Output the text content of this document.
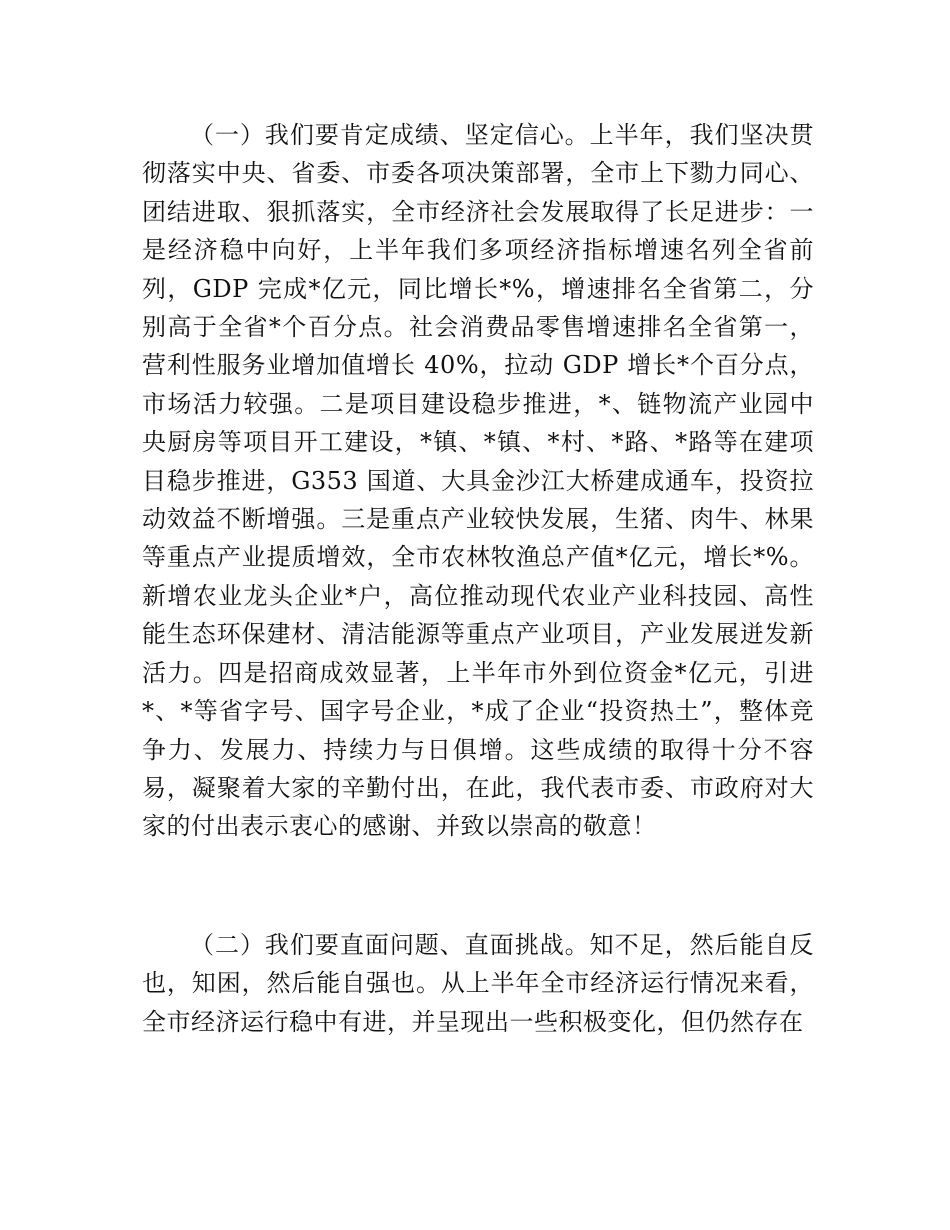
（一）我们要肯定成绩、坚定信心。上半年，我们坚决贯彻落实中央、省委、市委各项决策部署，全市上下勠力同心、团结进取、狠抓落实，全市经济社会发展取得了长足进步：一是经济稳中向好，上半年我们多项经济指标增速名列全省前列，GDP 完成*亿元，同比增长*%，增速排名全省第二，分别高于全省*个百分点。社会消费品零售增速排名全省第一，营利性服务业增加值增长 40%，拉动 GDP 增长*个百分点，市场活力较强。二是项目建设稳步推进，*、链物流产业园中央厨房等项目开工建设，*镇、*镇、*村、*路、*路等在建项目稳步推进，G353 国道、大具金沙江大桥建成通车，投资拉动效益不断增强。三是重点产业较快发展，生猪、肉牛、林果等重点产业提质增效，全市农林牧渔总产值*亿元，增长*%。新增农业龙头企业*户，高位推动现代农业产业科技园、高性能生态环保建材、清洁能源等重点产业项目，产业发展迸发新活力。四是招商成效显著，上半年市外到位资金*亿元，引进*、*等省字号、国字号企业，*成了企业“投资热土”，整体竞争力、发展力、持续力与日俱增。这些成绩的取得十分不容易，凝聚着大家的辛勤付出，在此，我代表市委、市政府对大家的付出表示衷心的感谢、并致以崇高的敬意！

（二）我们要直面问题、直面挑战。知不足，然后能自反也，知困，然后能自强也。从上半年全市经济运行情况来看，全市经济运行稳中有进，并呈现出一些积极变化，但仍然存在
